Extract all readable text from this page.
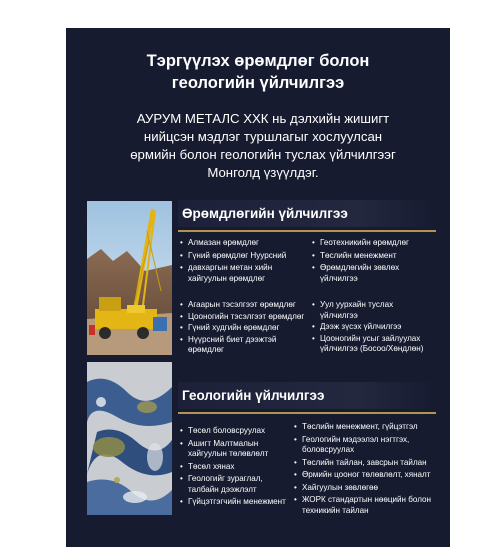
Тэргүүлэх өрөмдлөг болон
геологийн үйлчилгээ

АУРУМ МЕТАЛС ХХК нь дэлхийн жишигт
нийцсэн мэдлэг туршлагыг хослуулсан
өрмийн болон геологийн туслах үйлчилгээг
Монголд үзүүлдэг.

Өрөмдлөгийн үйлчилгээ
• Алмазан өрөмдлөг
• Гүний өрөмдлөг Нуурсний
• давхаргын метан хийн хайгуулын өрөмдлөг
• Геотехникийн өрөмдлөг
• Төслийн менежмент
• Өрөмдлөгийн зөвлөх үйлчилгээ
• Агаарын тэсэлгээт өрөмдлөг
• Цооногийн тэсэлгээт өрөмдлөг
• Гүний худгийн өрөмдлөг
• Нүүрсний биет дээжтэй өрөмдлөг
• Уул уурхайн туслах үйлчилгээ
• Дээж зүсэх үйлчилгээ
• Цооногийн усыг зайлуулах үйлчилгээ (Босоо/Хөндлөн)
Геологийн үйлчилгээ
• Төсөл боловсруулах
• Ашигт Малтмалын хайгуулын төлөвлөлт
• Төсөл хянах
• Геологийг зураглал, талбайн дээжлэлт
• Гүйцэтгэгчийн менежмент
• Төслийн менежмент, гүйцэтгэл
• Геологийн мэдээлэл нэгтгэх, боловсруулах
• Төслийн тайлан, завсрын тайлан
• Өрмийн цооног төлөвлөлт, хяналт
• Хайгуулын зөвлөгөө
• ЖОРК стандартын нөөцийн болон техникийн тайлан
